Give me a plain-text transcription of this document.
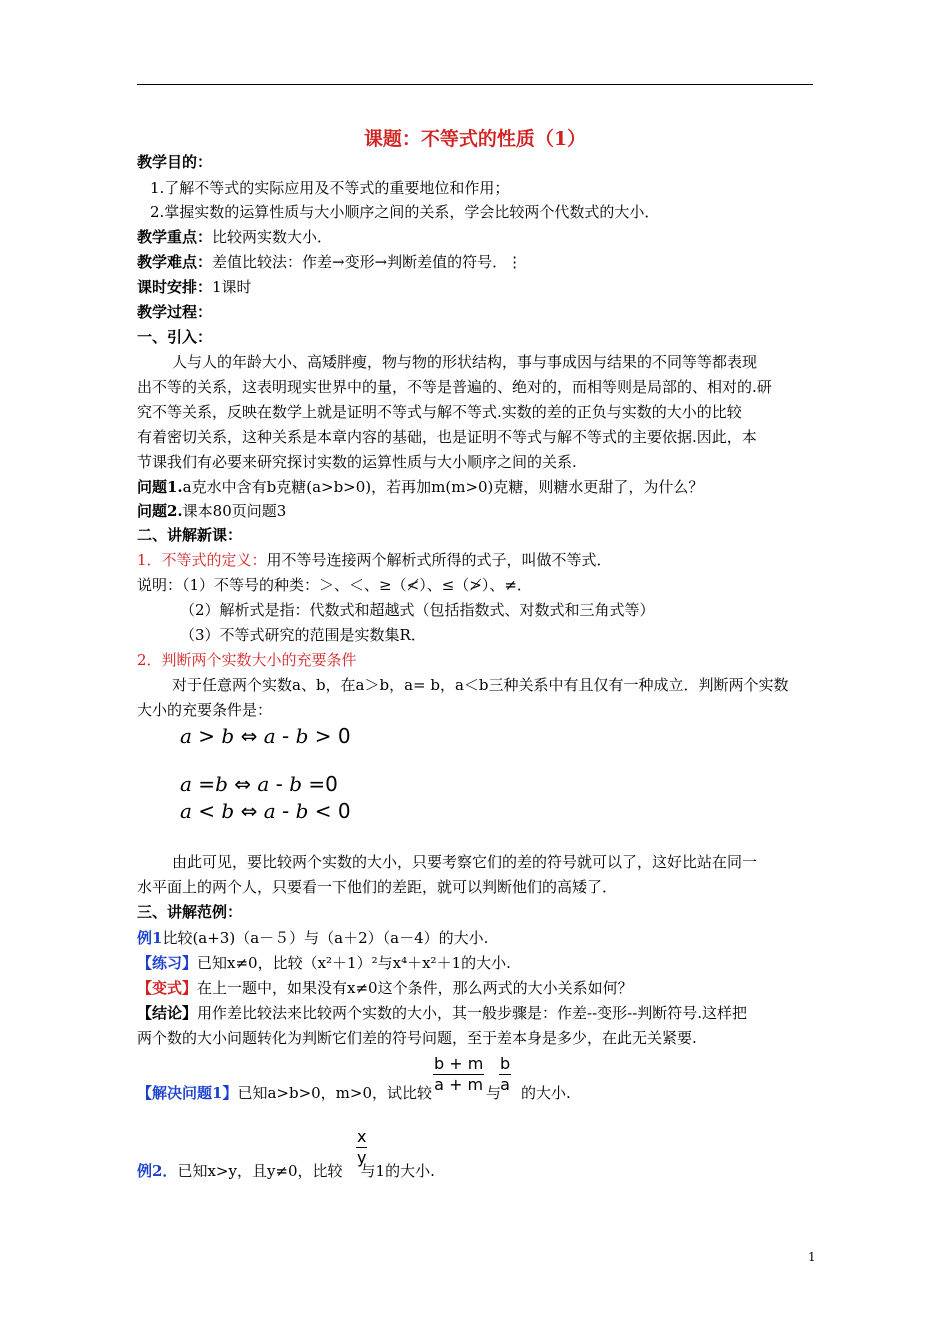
课题：不等式的性质（1）
教学目的：
1.了解不等式的实际应用及不等式的重要地位和作用；
2.掌握实数的运算性质与大小顺序之间的关系，学会比较两个代数式的大小．
教学重点：比较两实数大小．
教学难点：差值比较法：作差→变形→判断差值的符号．⋮
课时安排：1课时
教学过程：
一、引入：
人与人的年龄大小、高矮胖瘦，物与物的形状结构，事与事成因与结果的不同等等都表现
出不等的关系，这表明现实世界中的量，不等是普遍的、绝对的，而相等则是局部的、相对的.研
究不等关系，反映在数学上就是证明不等式与解不等式.实数的差的正负与实数的大小的比较
有着密切关系，这种关系是本章内容的基础，也是证明不等式与解不等式的主要依据.因此，本
节课我们有必要来研究探讨实数的运算性质与大小顺序之间的关系.
问题1.a克水中含有b克糖(a>b>0)，若再加m(m>0)克糖，则糖水更甜了，为什么？
问题2.课本80页问题3
二、讲解新课：
1．不等式的定义：用不等号连接两个解析式所得的式子，叫做不等式．
说明：（1）不等号的种类：＞、＜、≥（≮）、≤（≯）、≠．
（2）解析式是指：代数式和超越式（包括指数式、对数式和三角式等）
（3）不等式研究的范围是实数集R．
2．判断两个实数大小的充要条件
对于任意两个实数a、b，在a＞b，a= b，a＜b三种关系中有且仅有一种成立．判断两个实数
大小的充要条件是：
a > b ⇔ a - b > 0
a =b ⇔ a - b =0
a < b ⇔ a - b < 0
由此可见，要比较两个实数的大小，只要考察它们的差的符号就可以了，这好比站在同一
水平面上的两个人，只要看一下他们的差距，就可以判断他们的高矮了．
三、讲解范例：
例1比较(a+3)（a－５）与（a＋2）（a－4）的大小.
【练习】已知x≠0，比较（x²＋1）²与x⁴＋x²＋1的大小.
【变式】在上一题中，如果没有x≠0这个条件，那么两式的大小关系如何？
【结论】用作差比较法来比较两个实数的大小，其一般步骤是：作差--变形--判断符号.这样把
两个数的大小问题转化为判断它们差的符号问题，至于差本身是多少，在此无关紧要.
$\frac{b + m}{a + m} \frac{b}{a}$
【解决问题1】已知a>b>0，m>0，试比较	与 的大小.
$\frac{x}{y}$
例2．已知x>y，且y≠0，比较 与1的大小.
1
